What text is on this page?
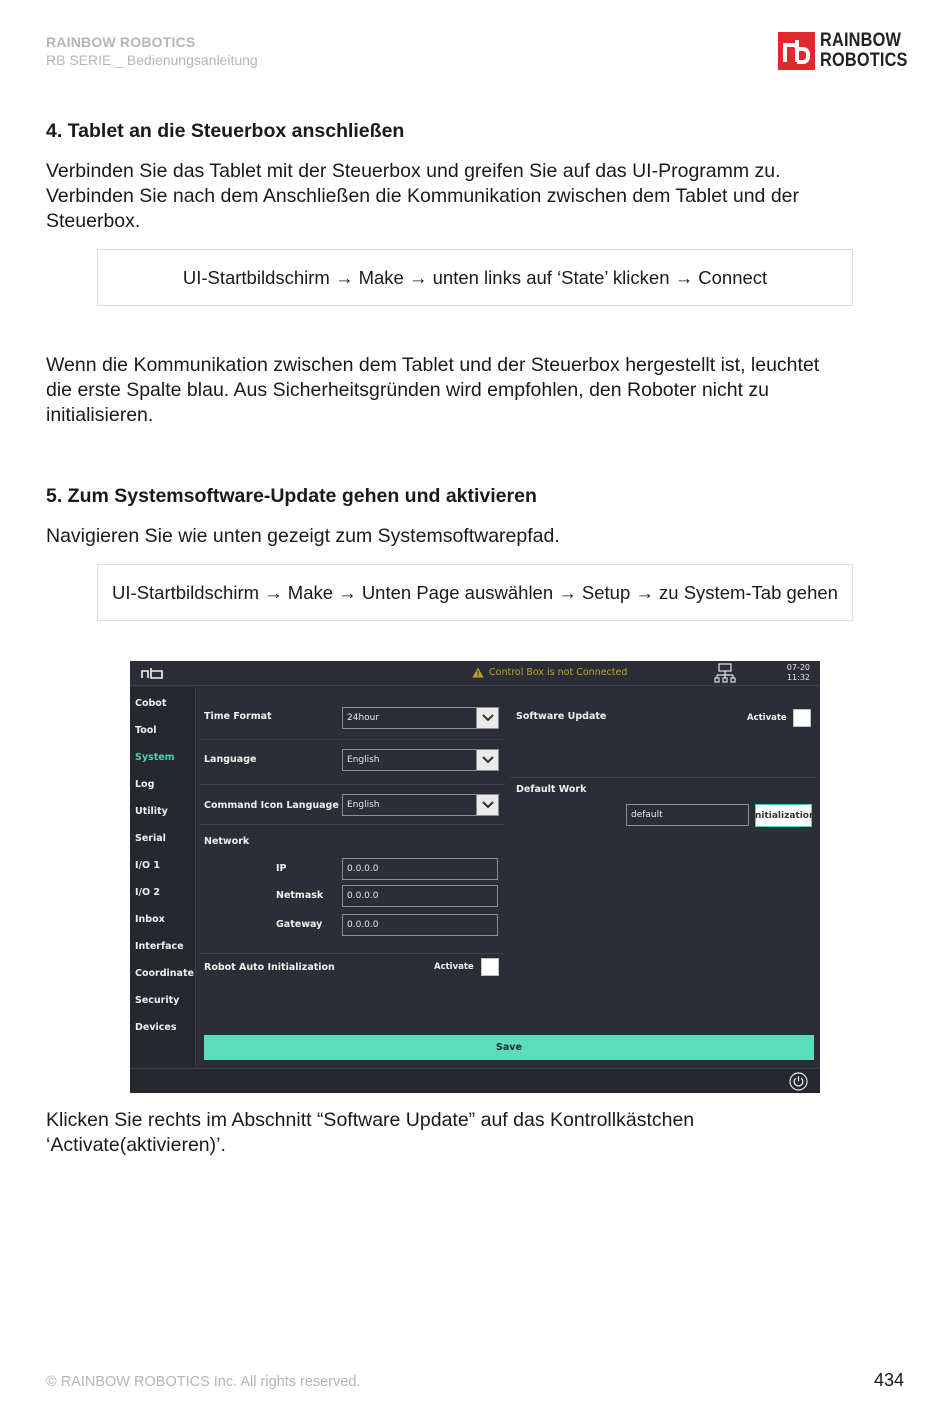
RAINBOW ROBOTICS
RB SERIE _ Bedienungsanleitung
RAINBOW
ROBOTICS
4. Tablet an die Steuerbox anschließen
Verbinden Sie das Tablet mit der Steuerbox und greifen Sie auf das UI-Programm zu.
Verbinden Sie nach dem Anschließen die Kommunikation zwischen dem Tablet und der
Steuerbox.
UI-Startbildschirm → Make → unten links auf ‘State’ klicken → Connect
Wenn die Kommunikation zwischen dem Tablet und der Steuerbox hergestellt ist, leuchtet
die erste Spalte blau. Aus Sicherheitsgründen wird empfohlen, den Roboter nicht zu
initialisieren.
5. Zum Systemsoftware-Update gehen und aktivieren
Navigieren Sie wie unten gezeigt zum Systemsoftwarepfad.
UI-Startbildschirm → Make → Unten Page auswählen → Setup → zu System-Tab gehen
Control Box is not Connected	07-20
11:32
Cobot
Tool
System
Log
Utility
Serial
I/O 1
I/O 2
Inbox
Interface
Coordinate
Security
Devices
Time Format	24hour
Language	English
Command Icon Language English
Network
IP	0.0.0.0
Netmask	0.0.0.0
Gateway	0.0.0.0
Robot Auto Initialization	Activate
Software Update	Activate
Default Work
default	Initialization
Save
Klicken Sie rechts im Abschnitt “Software Update” auf das Kontrollkästchen
‘Activate(aktivieren)’.
© RAINBOW ROBOTICS Inc. All rights reserved.	434
